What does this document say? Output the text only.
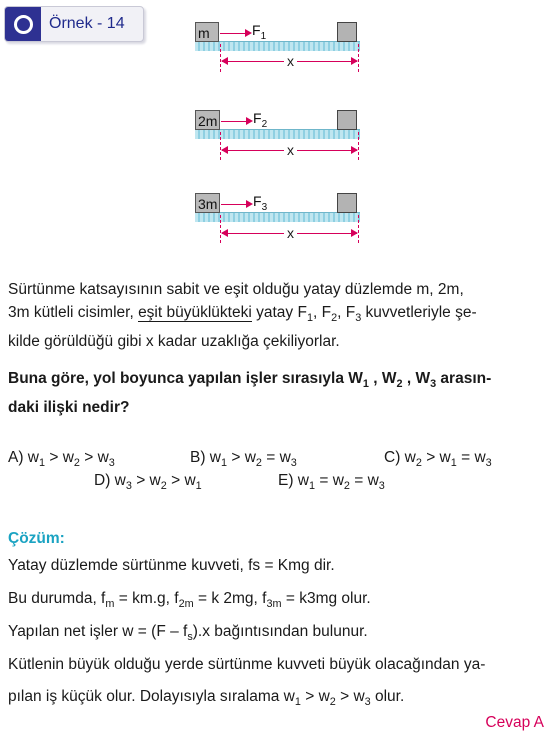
Örnek - 14
m	$F_1$
x
2m	$F_2$
x
3m	$F_3$
x
Sürtünme katsayısının sabit ve eşit olduğu yatay düzlemde m, 2m,
3m kütleli cisimler, eşit büyüklükteki yatay $F_1$, $F_2$, $F_3$ kuvvetleriyle şe-
kilde görüldüğü gibi x kadar uzaklığa çekiliyorlar.
Buna göre, yol boyunca yapılan işler sırasıyla $W_1$ , $W_2$ , $W_3$ arasın-
daki ilişki nedir?
A) $w_1 > w_2 > w_3$	B) $w_1 > w_2 = w_3$	C) $w_2 > w_1 = w_3$
D) $w_3 > w_2 > w_1$	E) $w_1 = w_2 = w_3$
Çözüm:
Yatay düzlemde sürtünme kuvveti, fs = Kmg dir.
Bu durumda, $f_m = km.g$, $f_{2m} = k$ 2mg, $f_{3m} = k3mg$ olur.
Yapılan net işler $w = (F - f_s).x$ bağıntısından bulunur.
Kütlenin büyük olduğu yerde sürtünme kuvveti büyük olacağından ya-
pılan iş küçük olur. Dolayısıyla sıralama $w_1 > w_2 > w_3$ olur.
Cevap A
